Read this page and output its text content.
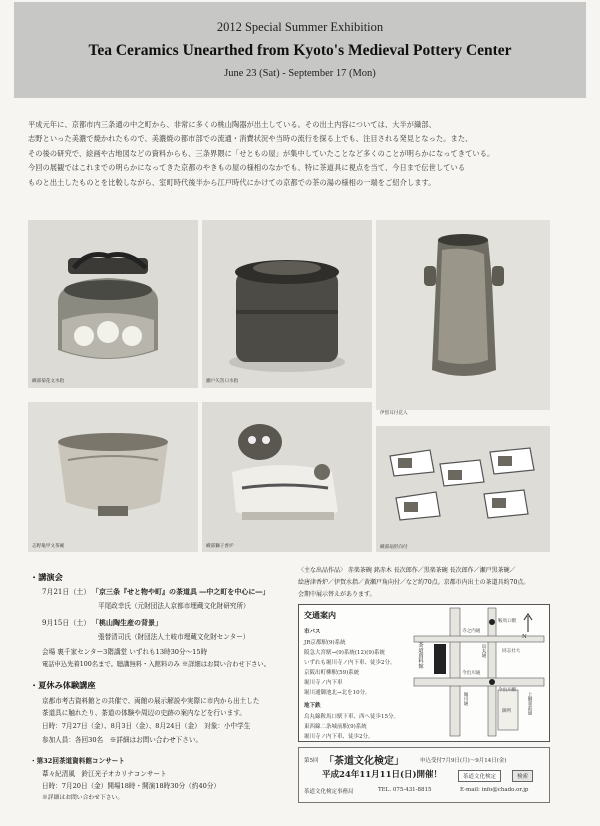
2012 Special Summer Exhibition
Tea Ceramics Unearthed from Kyoto's Medieval Pottery Center
June 23 (Sat) - September 17 (Mon)

平成元年に、京都市内三条通の中之町から、非常に多くの桃山陶器が出土している。その出土内容については、大半が織部、

志野といった美濃で焼かれたもので、美濃焼の都市部での流通・消費状況や当時の流行を探る上でも、注目される発見となった。また、

その後の研究で、絵画や古地図などの資料からも、三条界隈に「せともの屋」が集中していたことなど多くのことが明らかになってきている。

今回の展観ではこれまでの明らかになってきた京都のやきもの屋の様相のなかでも、特に茶道具に視点を当て、今日まで伝世している

ものと出土したものとを比較しながら、室町時代後半から江戸時代にかけての京都での茶の湯の様相の一端をご紹介します。

織部菊花文水指	瀬戸矢筈口水指
伊賀耳付花入
志野亀甲文茶碗	織部獅子香炉	織部扇形向付
・講演会
7月21日（土） 「京三条『せと物や町』の茶道具 ―中之町を中心に―」
平尾政幸氏（元財団法人京都市埋蔵文化財研究所）
9月15日（土） 「桃山陶生産の背景」
張替清司氏（財団法人土岐市埋蔵文化財センター）
会場 裏千家センター3階講堂 いずれも13時30分〜15時
電話申込先着100名まで。聴講無料・入館料のみ ※詳細はお問い合わせ下さい。
・夏休み体験講座
京都市考古資料館との共催で、両館の展示解説や実際に市内から出土した
茶道具に触れたり、茶道の体験や周辺の史跡の案内などを行います。
日時：7月27日（金）、8月3日（金）、8月24日（金）　対象：小中学生
参加人員：各回30名　※詳細はお問い合わせ下さい。
・第32回茶道資料館コンサート
葦々紀清風　鈴江光子オカリナコンサート
日時：7月20日（金）開場18時・開演18時30分（約40分）
※詳細はお問い合わせ下さい。
〈主な出品作品〉 赤楽茶碗 銘赤木 長次郎作／黒楽茶碗 長次郎作／瀬戸黒茶碗／
絵唐津香炉／伊賀水指／黄瀬戸角向付／など約70点。京都市内出土の茶道具約70点。
会期中展示替えがあります。
交通案内
市バス
JR京都駅(9)系統
阪急大宮駅→(9)系統(12)(9)系統
いずれも堀川寺ノ内下車、徒歩2分。
京阪出町柳駅(59)系統
堀川寺ノ内下車
堀川通御池北→北を10分。
地下鉄
烏丸線鞍馬口駅下車、西へ徒歩15分。
東西線二条城前駅(9)系統
堀川寺ノ内下車、徒歩2分。
N
茶道資料館
寺之内通
今出川通
堀川通
烏丸通
上御霊前通
鞍馬口駅
今出川駅
御所
同志社大
第5回 「茶道文化検定」	申込受付7月9日(月)〜9月14日(金)
平成24年11月11日(日)開催！	茶道文化検定	検索
茶道文化検定事務局	TEL. 075-431-8815	E-mail: info@chado.or.jp
